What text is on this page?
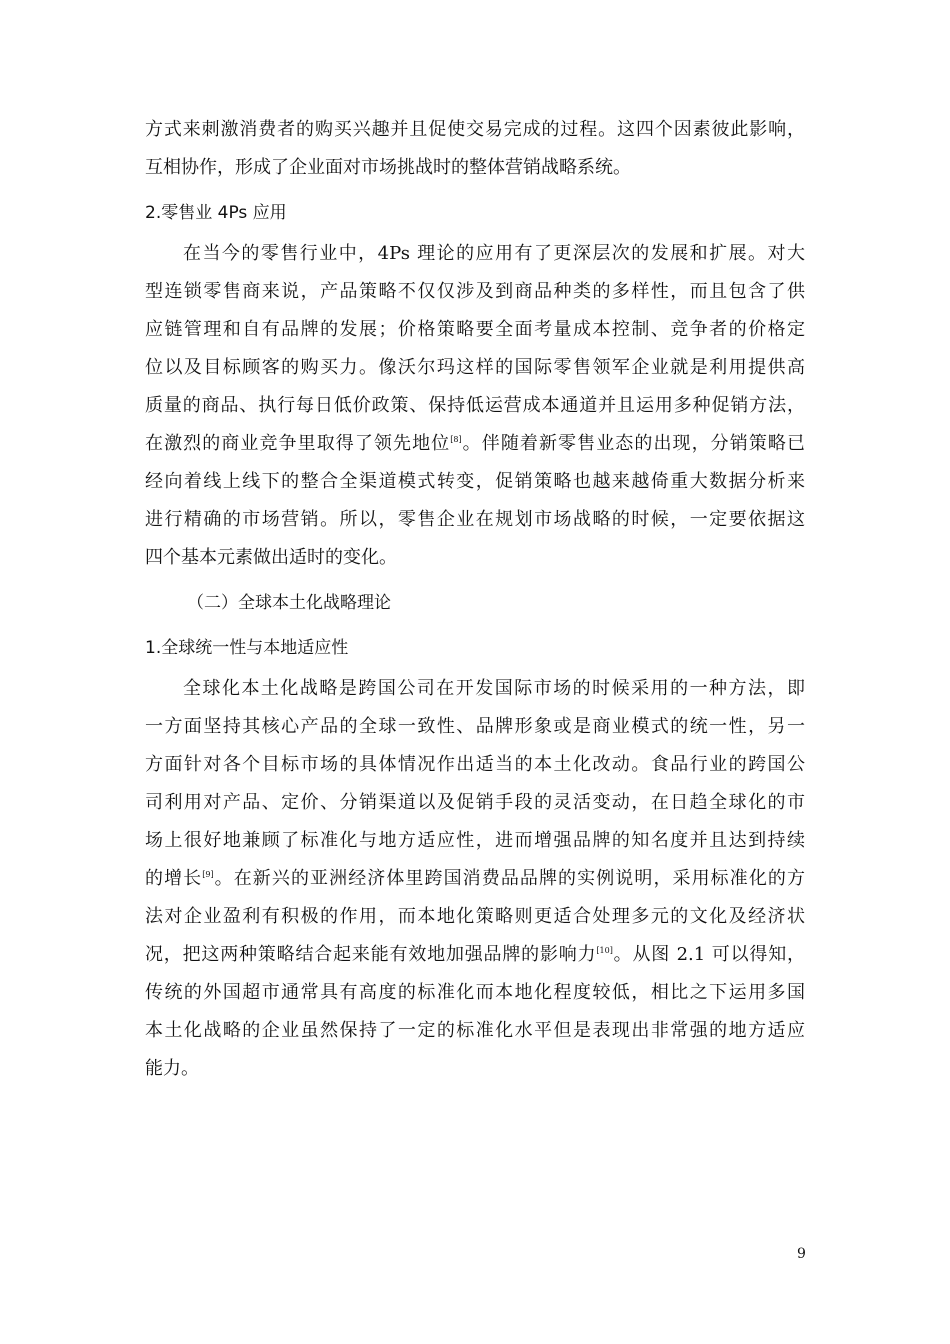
方式来刺激消费者的购买兴趣并且促使交易完成的过程。这四个因素彼此影响，
互相协作，形成了企业面对市场挑战时的整体营销战略系统。
2.零售业 4Ps 应用
在当今的零售行业中，4Ps 理论的应用有了更深层次的发展和扩展。对大
型连锁零售商来说，产品策略不仅仅涉及到商品种类的多样性，而且包含了供
应链管理和自有品牌的发展；价格策略要全面考量成本控制、竞争者的价格定
位以及目标顾客的购买力。像沃尔玛这样的国际零售领军企业就是利用提供高
质量的商品、执行每日低价政策、保持低运营成本通道并且运用多种促销方法，
在激烈的商业竞争里取得了领先地位[8]。伴随着新零售业态的出现，分销策略已
经向着线上线下的整合全渠道模式转变，促销策略也越来越倚重大数据分析来
进行精确的市场营销。所以，零售企业在规划市场战略的时候，一定要依据这
四个基本元素做出适时的变化。
（二）全球本土化战略理论
1.全球统一性与本地适应性
全球化本土化战略是跨国公司在开发国际市场的时候采用的一种方法，即
一方面坚持其核心产品的全球一致性、品牌形象或是商业模式的统一性，另一
方面针对各个目标市场的具体情况作出适当的本土化改动。食品行业的跨国公
司利用对产品、定价、分销渠道以及促销手段的灵活变动，在日趋全球化的市
场上很好地兼顾了标准化与地方适应性，进而增强品牌的知名度并且达到持续
的增长[9]。在新兴的亚洲经济体里跨国消费品品牌的实例说明，采用标准化的方
法对企业盈利有积极的作用，而本地化策略则更适合处理多元的文化及经济状
况，把这两种策略结合起来能有效地加强品牌的影响力[10]。从图 2.1 可以得知，
传统的外国超市通常具有高度的标准化而本地化程度较低，相比之下运用多国
本土化战略的企业虽然保持了一定的标准化水平但是表现出非常强的地方适应
能力。
9
